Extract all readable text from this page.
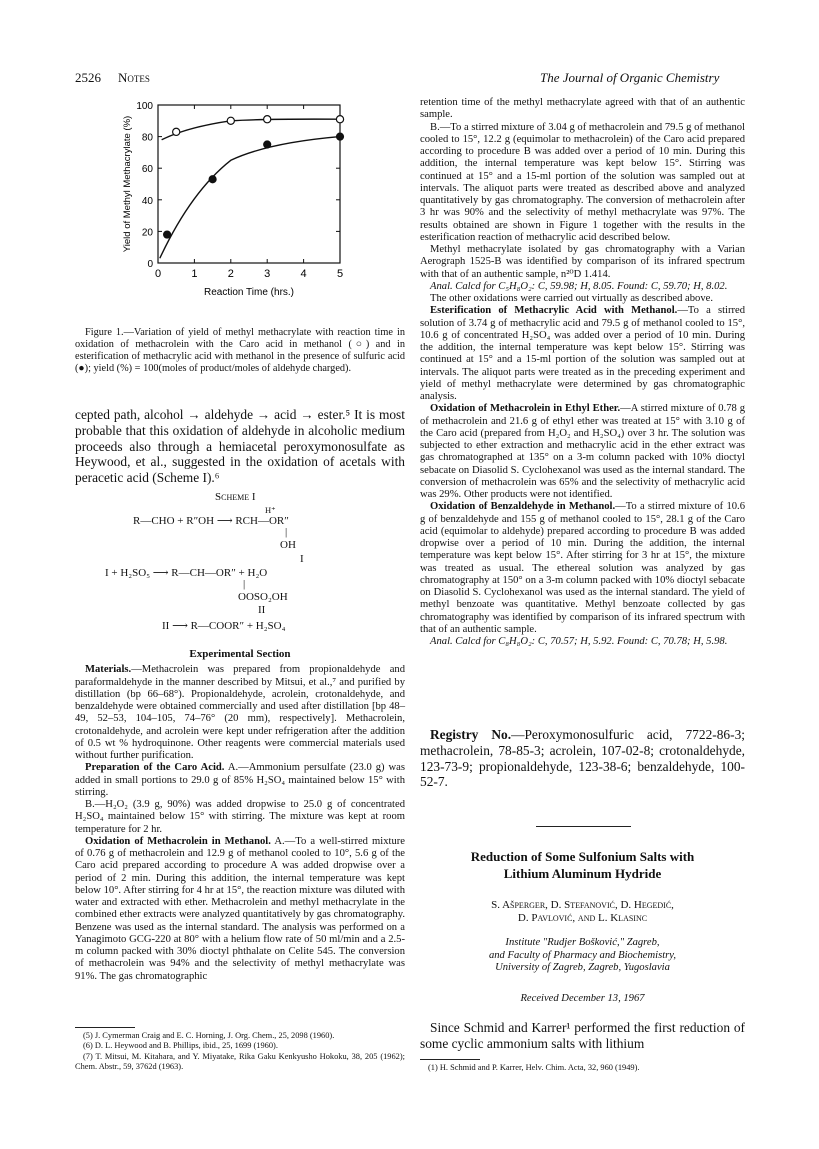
2526 Notes	The Journal of Organic Chemistry
0
20
40
60
80
100
0	1	2	3	4	5
Reaction Time (hrs.)
Yield of Methyl Methacrylate (%)

Figure 1.—Variation of yield of methyl methacrylate with reaction time in oxidation of methacrolein with the Caro acid in methanol (○) and in esterification of methacrylic acid with methanol in the presence of sulfuric acid (●); yield (%) = 100(moles of product/moles of aldehyde charged).

cepted path, alcohol → aldehyde → acid → ester.⁵ It is most probable that this oxidation of aldehyde in alcoholic medium proceeds also through a hemiacetal peroxymonosulfate as Heywood, et al., suggested in the oxidation of acetals with peracetic acid (Scheme I).⁶

Scheme I
H⁺
R—CHO + R″OH ⟶ RCH—OR″
|
OH
I
I + H₂SO₅ ⟶ R—CH—OR″ + H₂O
|
OOSO₂OH
II
II ⟶ R—COOR″ + H₂SO₄

Experimental Section

Materials.—Methacrolein was prepared from propionaldehyde and paraformaldehyde in the manner described by Mitsui, et al.,⁷ and purified by distillation (bp 66–68°). Propionaldehyde, acrolein, crotonaldehyde, and benzaldehyde were obtained commercially and used after distillation [bp 48–49, 52–53, 104–105, 74–76° (20 mm), respectively]. Methacrolein, crotonaldehyde, and acrolein were kept under refrigeration after the addition of 0.5 wt % hydroquinone. Other reagents were commercial materials used without further purification.

Preparation of the Caro Acid. A.—Ammonium persulfate (23.0 g) was added in small portions to 29.0 g of 85% H₂SO₄ maintained below 15° with stirring.

B.—H₂O₂ (3.9 g, 90%) was added dropwise to 25.0 g of concentrated H₂SO₄ maintained below 15° with stirring. The mixture was kept at room temperature for 2 hr.

Oxidation of Methacrolein in Methanol. A.—To a well-stirred mixture of 0.76 g of methacrolein and 12.9 g of methanol cooled to 10°, 5.6 g of the Caro acid prepared according to procedure A was added dropwise over a period of 2 min. During this addition, the internal temperature was kept below 10°. After stirring for 4 hr at 15°, the reaction mixture was diluted with water and extracted with ether. Methacrolein and methyl methacrylate in the combined ether extracts were analyzed quantitatively by gas chromatography. Benzene was used as the internal standard. The analysis was performed on a Yanagimoto GCG-220 at 80° with a helium flow rate of 50 ml/min and a 2.5-m column packed with 30% dioctyl phthalate on Celite 545. The conversion of methacrolein was 94% and the selectivity of methyl methacrylate was 91%. The gas chromatographic

(5) J. Cymerman Craig and E. C. Horning, J. Org. Chem., 25, 2098 (1960).

(6) D. L. Heywood and B. Phillips, ibid., 25, 1699 (1960).

(7) T. Mitsui, M. Kitahara, and Y. Miyatake, Rika Gaku Kenkyusho Hokoku, 38, 205 (1962); Chem. Abstr., 59, 3762d (1963).

retention time of the methyl methacrylate agreed with that of an authentic sample.

B.—To a stirred mixture of 3.04 g of methacrolein and 79.5 g of methanol cooled to 15°, 12.2 g (equimolar to methacrolein) of the Caro acid prepared according to procedure B was added over a period of 10 min. During this addition, the internal temperature was kept below 15°. Stirring was continued at 15° and a 15-ml portion of the solution was sampled out at intervals. The aliquot parts were treated as described above and analyzed quantitatively by gas chromatography. The conversion of methacrolein after 3 hr was 90% and the selectivity of methyl methacrylate was 97%. The results obtained are shown in Figure 1 together with the results in the esterification reaction of methacrylic acid described below.

Methyl methacrylate isolated by gas chromatography with a Varian Aerograph 1525-B was identified by comparison of its infrared spectrum with that of an authentic sample, n²⁰D 1.414.

Anal. Calcd for C₅H₈O₂: C, 59.98; H, 8.05. Found: C, 59.70; H, 8.02.

The other oxidations were carried out virtually as described above.

Esterification of Methacrylic Acid with Methanol.—To a stirred solution of 3.74 g of methacrylic acid and 79.5 g of methanol cooled to 15°, 10.6 g of concentrated H₂SO₄ was added over a period of 10 min. During the addition, the internal temperature was kept below 15°. Stirring was continued at 15° and a 15-ml portion of the solution was sampled out at intervals. The aliquot parts were treated as in the preceding experiment and yield of methyl methacrylate were determined by gas chromatographic analysis.

Oxidation of Methacrolein in Ethyl Ether.—A stirred mixture of 0.78 g of methacrolein and 21.6 g of ethyl ether was treated at 15° with 3.10 g of the Caro acid (prepared from H₂O₂ and H₂SO₄) over 3 hr. The solution was subjected to ether extraction and methacrylic acid in the ether extract was gas chromatographed at 135° on a 3-m column packed with 10% dioctyl sebacate on Diasolid S. Cyclohexanol was used as the internal standard. The conversion of methacrolein was 65% and the selectivity of methacrylic acid was 29%. Other products were not identified.

Oxidation of Benzaldehyde in Methanol.—To a stirred mixture of 10.6 g of benzaldehyde and 155 g of methanol cooled to 15°, 28.1 g of the Caro acid (equimolar to aldehyde) prepared according to procedure B was added dropwise over a period of 10 min. During the addition, the internal temperature was kept below 15°. After stirring for 3 hr at 15°, the mixture was treated as usual. The ethereal solution was analyzed by gas chromatography at 150° on a 3-m column packed with 10% dioctyl sebacate on Diasolid S. Cyclohexanol was used as the internal standard. The yield of methyl benzoate was quantitative. Methyl benzoate collected by gas chromatography was identified by comparison of its infrared spectrum with that of an authentic sample.

Anal. Calcd for C₈H₈O₂: C, 70.57; H, 5.92. Found: C, 70.78; H, 5.98.

Registry No.—Peroxymonosulfuric acid, 7722-86-3; methacrolein, 78-85-3; acrolein, 107-02-8; crotonaldehyde, 123-73-9; propionaldehyde, 123-38-6; benzaldehyde, 100-52-7.

Reduction of Some Sulfonium Salts with
Lithium Aluminum Hydride
S. Ašperger, D. Stefanović, D. Hegedić,
D. Pavlović, and L. Klasinc
Institute "Rudjer Bošković," Zagreb,
and Faculty of Pharmacy and Biochemistry,
University of Zagreb, Zagreb, Yugoslavia
Received December 13, 1967

Since Schmid and Karrer¹ performed the first reduction of some cyclic ammonium salts with lithium

(1) H. Schmid and P. Karrer, Helv. Chim. Acta, 32, 960 (1949).
